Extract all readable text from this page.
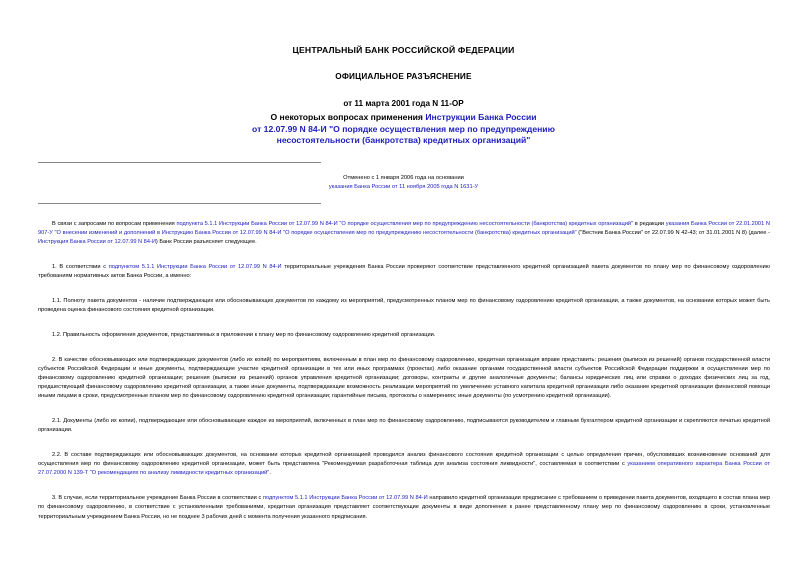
ЦЕНТРАЛЬНЫЙ БАНК РОССИЙСКОЙ ФЕДЕРАЦИИ
ОФИЦИАЛЬНОЕ РАЗЪЯСНЕНИЕ
от 11 марта 2001 года N 11-ОР
О некоторых вопросах применения Инструкции Банка России
от 12.07.99 N 84-И "О порядке осуществления мер по предупреждению
несостоятельности (банкротства) кредитных организаций"
Отменено с 1 января 2006 года на основании
указания Банка России от 11 ноября 2005 года N 1631-У

В связи с запросами по вопросам применения подпункта 5.1.1 Инструкции Банка России от 12.07.99 N 84-И "О порядке осуществления мер по предупреждению несостоятельности (банкротства) кредитных организаций" в редакции указания Банка России от 22.01.2001 N 907-У "О внесении изменений и дополнений в Инструкцию Банка России от 12.07.99 N 84-И "О порядке осуществления мер по предупреждению несостоятельности (банкротства) кредитных организаций" ("Вестник Банка России" от 22.07.99 N 42-43; от 31.01.2001 N 8) (далее - Инструкция Банка России от 12.07.99 N 84-И) Банк России разъясняет следующее.

1. В соответствии с подпунктом 5.1.1 Инструкции Банка России от 12.07.99 N 84-И территориальные учреждения Банка России проверяют соответствие представленного кредитной организацией пакета документов по плану мер по финансовому оздоровлению требованиям нормативных актов Банка России, а именно:

1.1. Полноту пакета документов - наличие подтверждающих или обосновывающих документов по каждому из мероприятий, предусмотренных планом мер по финансовому оздоровлению кредитной организации, а также документов, на основании которых может быть проведена оценка финансового состояния кредитной организации.

1.2. Правильность оформления документов, представляемых в приложении к плану мер по финансовому оздоровлению кредитной организации.

2. В качестве обосновывающих или подтверждающих документов (либо их копий) по мероприятиям, включенным в план мер по финансовому оздоровлению, кредитная организация вправе представить: решения (выписки из решений) органов государственной власти субъектов Российской Федерации и иные документы, подтверждающие участие кредитной организации в тех или иных программах (проектах) либо оказание органами государственной власти субъектов Российской Федерации поддержки в осуществлении мер по финансовому оздоровлению кредитной организации; решения (выписки из решений) органов управления кредитной организации; договоры, контракты и другие аналогичные документы; балансы юридических лиц или справки о доходах физических лиц за год, предшествующий финансовому оздоровлению кредитной организации, а также иные документы, подтверждающие возможность реализации мероприятий по увеличению уставного капитала кредитной организации либо оказание кредитной организации финансовой помощи иными лицами в сроки, предусмотренные планом мер по финансовому оздоровлению кредитной организации; гарантийные письма, протоколы о намерениях; иные документы (по усмотрению кредитной организации).

2.1. Документы (либо их копии), подтверждающие или обосновывающие каждое из мероприятий, включенных в план мер по финансовому оздоровлению, подписываются руководителем и главным бухгалтером кредитной организации и скрепляются печатью кредитной организации.

2.2. В составе подтверждающих или обосновывающих документов, на основании которых кредитной организацией проводился анализ финансового состояния кредитной организации с целью определения причин, обусловивших возникновение оснований для осуществления мер по финансовому оздоровлению кредитной организации, может быть представлена "Рекомендуемая разработочная таблица для анализа состояния ликвидности", составляемая в соответствии с указанием оперативного характера Банка России от 27.07.2000 N 139-Т "О рекомендациях по анализу ликвидности кредитных организаций".

3. В случае, если территориальное учреждение Банка России в соответствии с подпунктом 5.1.1 Инструкции Банка России от 12.07.99 N 84-И направило кредитной организации предписание с требованием о приведении пакета документов, входящего в состав плана мер по финансовому оздоровлению, в соответствие с установленными требованиями, кредитная организация представляет соответствующие документы в виде дополнения к ранее представленному плану мер по финансовому оздоровлению в сроки, установленные территориальным учреждением Банка России, но не позднее 3 рабочих дней с момента получения указанного предписания.
